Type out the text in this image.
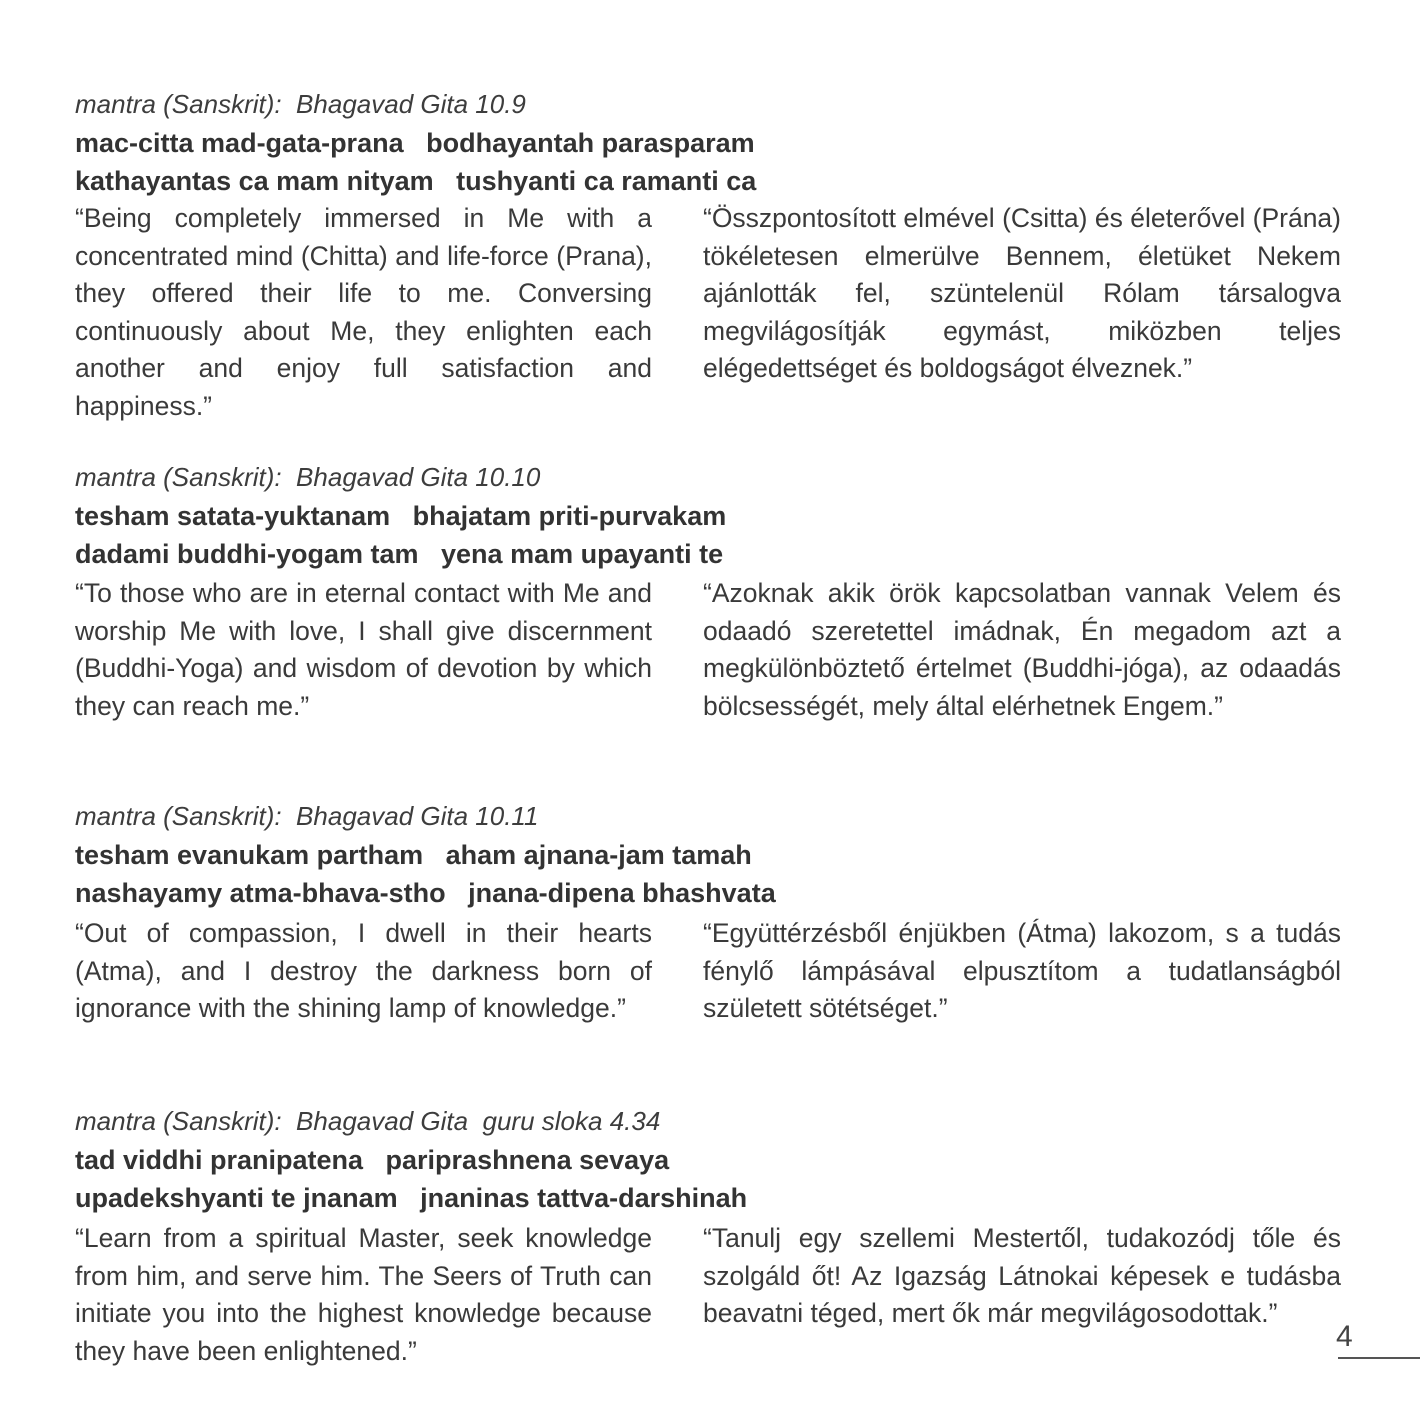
mantra (Sanskrit):  Bhagavad Gita 10.9

mac-citta mad-gata-prana   bodhayantah parasparam

kathayantas ca mam nityam   tushyanti ca ramanti ca

“Being completely immersed in Me with a concentrated mind (Chitta) and life-force (Prana), they offered their life to me. Conversing continuously about Me, they enlighten each another and enjoy full satisfaction and happiness.”

“Összpontosított elmével (Csitta) és életerővel (Prána) tökéletesen elmerülve Bennem, életüket Nekem ajánlották fel, szüntelenül Rólam társalogva megvilágosítják egymást, miközben teljes elégedettséget és boldogságot élveznek.”

mantra (Sanskrit):  Bhagavad Gita 10.10

tesham satata-yuktanam   bhajatam priti-purvakam

dadami buddhi-yogam tam   yena mam upayanti te

“To those who are in eternal contact with Me and worship Me with love, I shall give discernment (Buddhi-Yoga) and wisdom of devotion by which they can reach me.”

“Azoknak akik örök kapcsolatban vannak Velem és odaadó szeretettel imádnak, Én megadom azt a megkülönböztető értelmet (Buddhi-jóga), az odaadás bölcsességét, mely által elérhetnek Engem.”

mantra (Sanskrit):  Bhagavad Gita 10.11

tesham evanukam partham   aham ajnana-jam tamah

nashayamy atma-bhava-stho   jnana-dipena bhashvata

“Out of compassion, I dwell in their hearts (Atma), and I destroy the darkness born of ignorance with the shining lamp of knowledge.”

“Együttérzésből énjükben (Átma) lakozom, s a tudás fénylő lámpásával elpusztítom a tudatlanságból született sötétséget.”

mantra (Sanskrit):  Bhagavad Gita  guru sloka 4.34

tad viddhi pranipatena   pariprashnena sevaya

upadekshyanti te jnanam   jnaninas tattva-darshinah

“Learn from a spiritual Master, seek knowledge from him, and serve him. The Seers of Truth can initiate you into the highest knowledge because they have been enlightened.”

“Tanulj egy szellemi Mestertől, tudakozódj tőle és szolgáld őt! Az Igazság Látnokai képesek e tudásba beavatni téged, mert ők már megvilágosodottak.”

4
